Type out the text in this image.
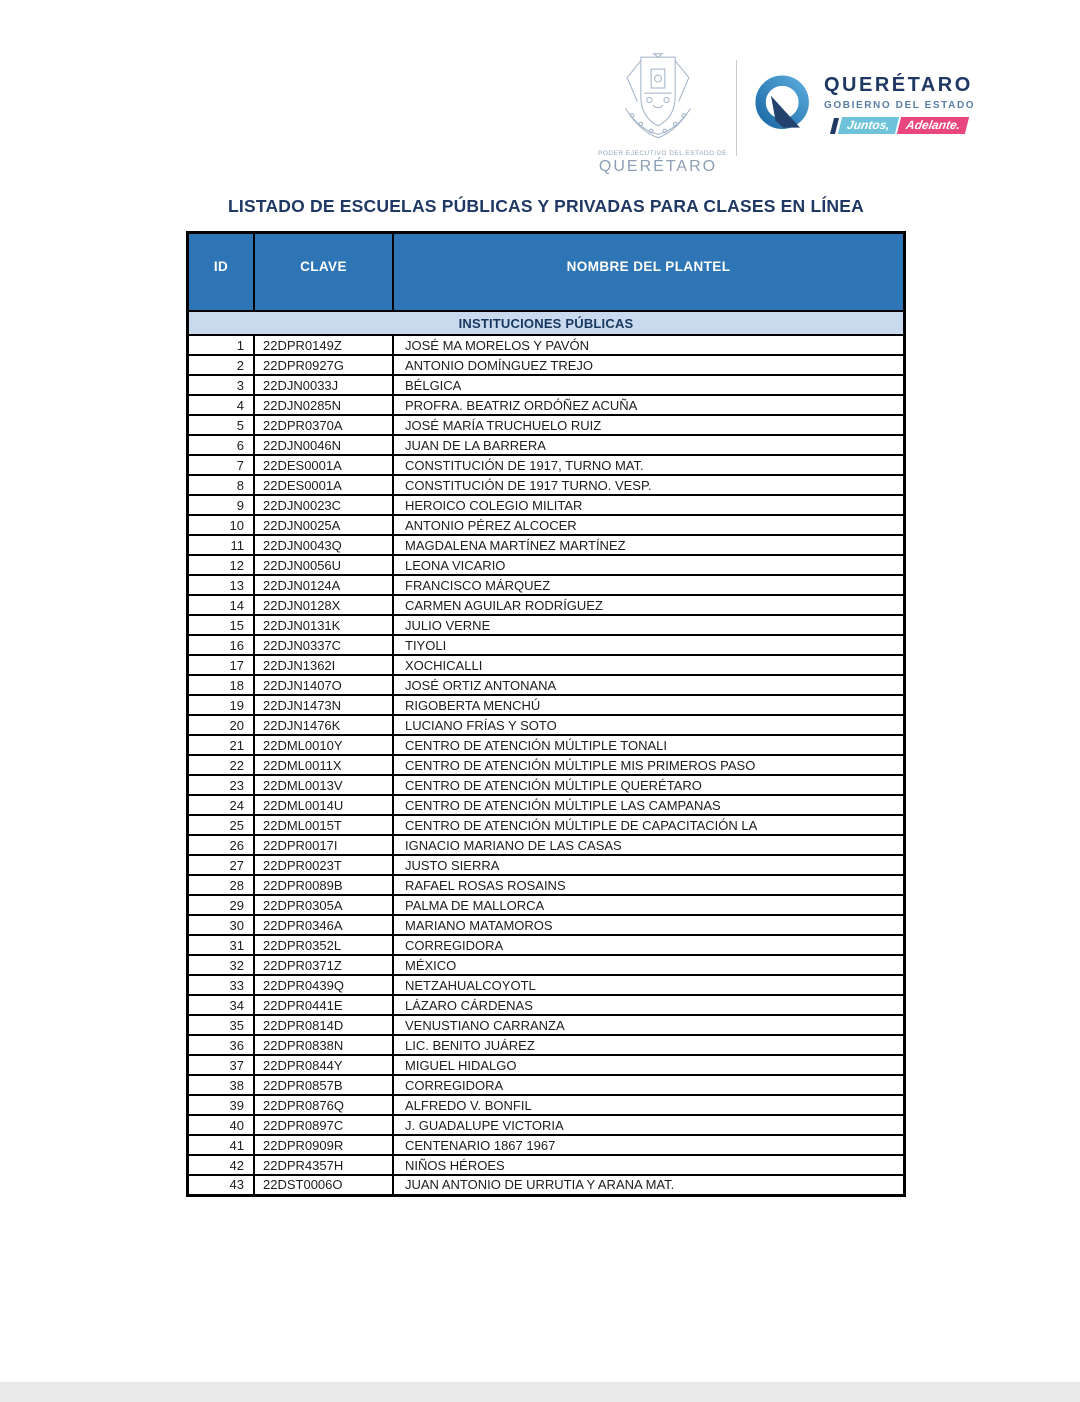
PODER EJECUTIVO DEL ESTADO DE
QUERÉTARO
QUERÉTARO
GOBIERNO DEL ESTADO
Juntos,	Adelante.
LISTADO DE ESCUELAS PÚBLICAS Y PRIVADAS PARA CLASES EN LÍNEA
ID	CLAVE	NOMBRE DEL PLANTEL
INSTITUCIONES PÚBLICAS		
1	22DPR0149Z	JOSÉ MA MORELOS Y PAVÓN
2	22DPR0927G	ANTONIO DOMÍNGUEZ TREJO
3	22DJN0033J	BÉLGICA
4	22DJN0285N	PROFRA. BEATRIZ ORDÓÑEZ ACUÑA
5	22DPR0370A	JOSÉ MARÍA TRUCHUELO RUIZ
6	22DJN0046N	JUAN DE LA BARRERA
7	22DES0001A	CONSTITUCIÓN DE 1917, TURNO MAT.
8	22DES0001A	CONSTITUCIÓN DE 1917 TURNO. VESP.
9	22DJN0023C	HEROICO COLEGIO MILITAR
10	22DJN0025A	ANTONIO PÉREZ ALCOCER
11	22DJN0043Q	MAGDALENA MARTÍNEZ MARTÍNEZ
12	22DJN0056U	LEONA VICARIO
13	22DJN0124A	FRANCISCO MÁRQUEZ
14	22DJN0128X	CARMEN AGUILAR RODRÍGUEZ
15	22DJN0131K	JULIO VERNE
16	22DJN0337C	TIYOLI
17	22DJN1362I	XOCHICALLI
18	22DJN1407O	JOSÉ ORTIZ ANTONANA
19	22DJN1473N	RIGOBERTA MENCHÚ
20	22DJN1476K	LUCIANO FRÍAS Y SOTO
21	22DML0010Y	CENTRO DE ATENCIÓN MÚLTIPLE TONALI
22	22DML0011X	CENTRO DE ATENCIÓN MÚLTIPLE MIS PRIMEROS PASO
23	22DML0013V	CENTRO DE ATENCIÓN MÚLTIPLE QUERÉTARO
24	22DML0014U	CENTRO DE ATENCIÓN MÚLTIPLE LAS CAMPANAS
25	22DML0015T	CENTRO DE ATENCIÓN MÚLTIPLE DE CAPACITACIÓN LA
26	22DPR0017I	IGNACIO MARIANO DE LAS CASAS
27	22DPR0023T	JUSTO SIERRA
28	22DPR0089B	RAFAEL ROSAS ROSAINS
29	22DPR0305A	PALMA DE MALLORCA
30	22DPR0346A	MARIANO MATAMOROS
31	22DPR0352L	CORREGIDORA
32	22DPR0371Z	MÉXICO
33	22DPR0439Q	NETZAHUALCOYOTL
34	22DPR0441E	LÁZARO CÁRDENAS
35	22DPR0814D	VENUSTIANO CARRANZA
36	22DPR0838N	LIC. BENITO JUÁREZ
37	22DPR0844Y	MIGUEL HIDALGO
38	22DPR0857B	CORREGIDORA
39	22DPR0876Q	ALFREDO V. BONFIL
40	22DPR0897C	J. GUADALUPE VICTORIA
41	22DPR0909R	CENTENARIO 1867 1967
42	22DPR4357H	NIÑOS HÉROES
43	22DST0006O	JUAN ANTONIO DE URRUTIA Y ARANA MAT.
